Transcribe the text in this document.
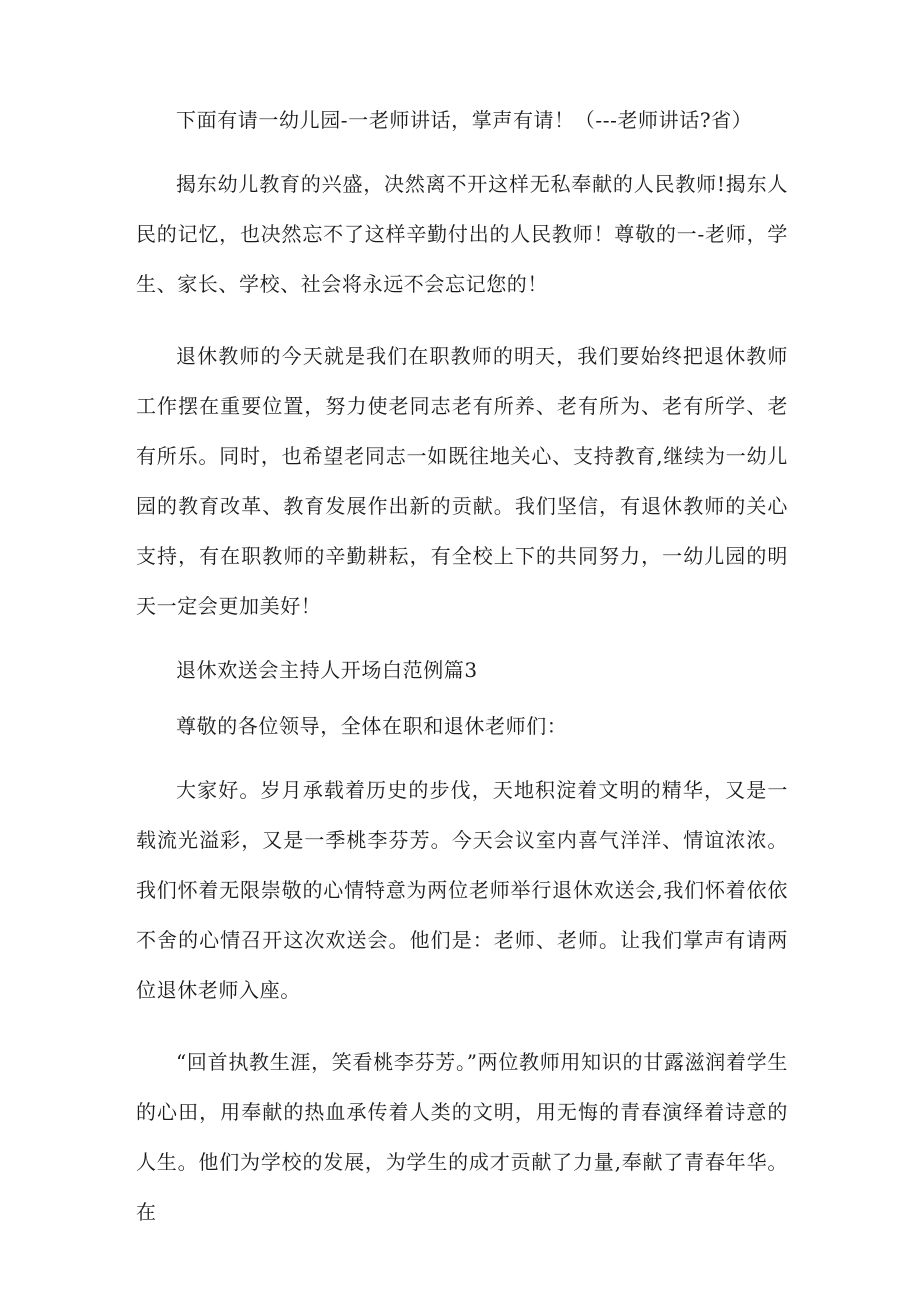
下面有请一幼儿园-一老师讲话，掌声有请！（---老师讲话?省）

揭东幼儿教育的兴盛，决然离不开这样无私奉献的人民教师!揭东人民的记忆，也决然忘不了这样辛勤付出的人民教师！尊敬的一-老师，学生、家长、学校、社会将永远不会忘记您的！

退休教师的今天就是我们在职教师的明天，我们要始终把退休教师工作摆在重要位置，努力使老同志老有所养、老有所为、老有所学、老有所乐。同时，也希望老同志一如既往地关心、支持教育,继续为一幼儿园的教育改革、教育发展作出新的贡献。我们坚信，有退休教师的关心支持，有在职教师的辛勤耕耘，有全校上下的共同努力，一幼儿园的明天一定会更加美好！

退休欢送会主持人开场白范例篇3

尊敬的各位领导，全体在职和退休老师们：

大家好。岁月承载着历史的步伐，天地积淀着文明的精华，又是一载流光溢彩，又是一季桃李芬芳。今天会议室内喜气洋洋、情谊浓浓。我们怀着无限崇敬的心情特意为两位老师举行退休欢送会,我们怀着依依不舍的心情召开这次欢送会。他们是：老师、老师。让我们掌声有请两位退休老师入座。

“回首执教生涯，笑看桃李芬芳。”两位教师用知识的甘露滋润着学生的心田，用奉献的热血承传着人类的文明，用无悔的青春演绎着诗意的人生。他们为学校的发展，为学生的成才贡献了力量,奉献了青春年华。在
